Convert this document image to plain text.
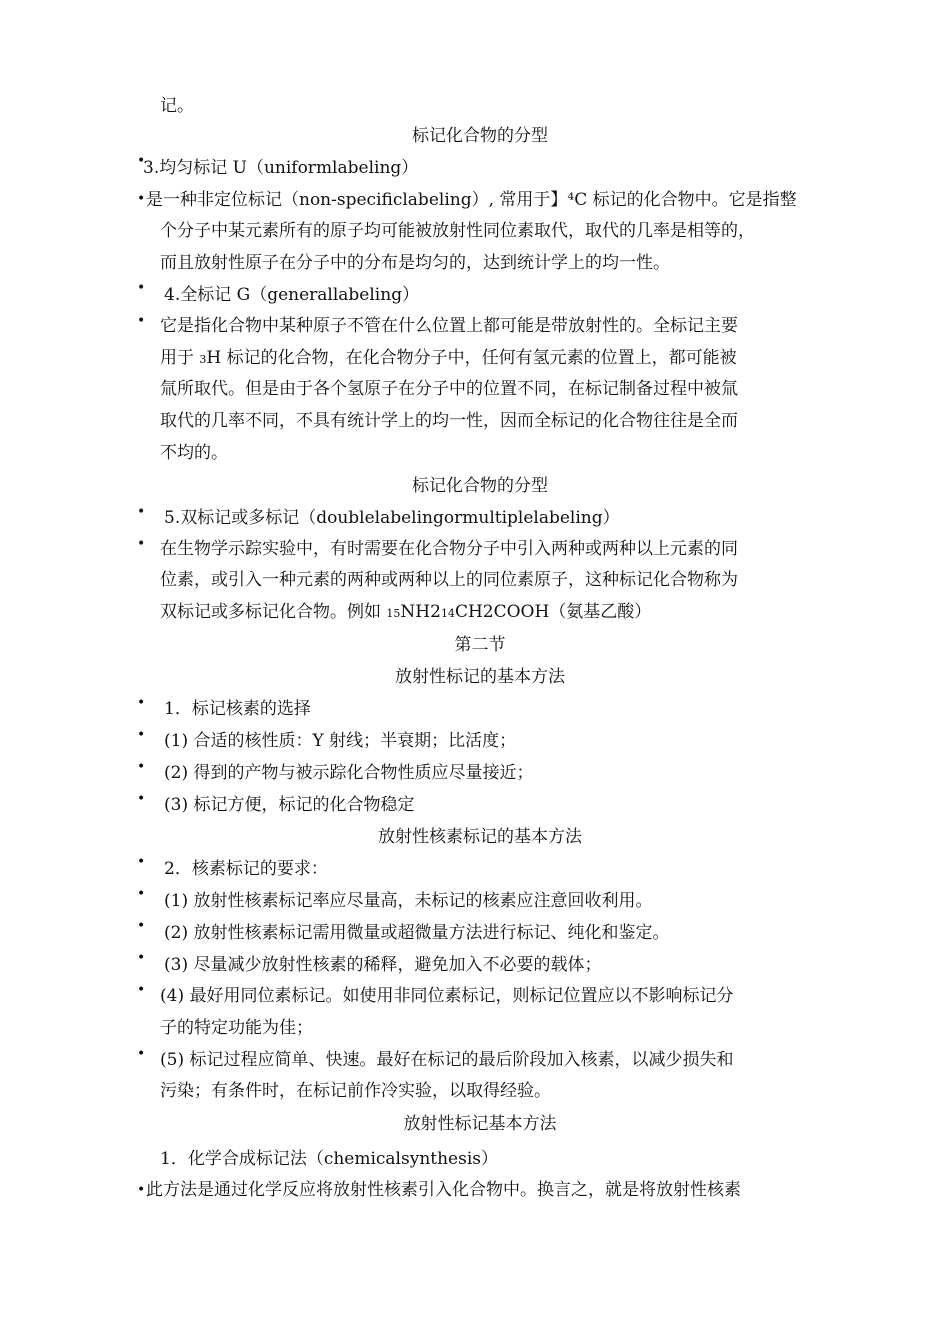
记。
标记化合物的分型
•
3.均匀标记 U（uniformlabeling）
• 是一种非定位标记（non-specificlabeling）, 常用于】⁴C 标记的化合物中。它是指整
个分子中某元素所有的原子均可能被放射性同位素取代，取代的几率是相等的，
而且放射性原子在分子中的分布是均匀的，达到统计学上的均一性。
• 4.全标记 G（generallabeling）
• 它是指化合物中某种原子不管在什么位置上都可能是带放射性的。全标记主要
用于 3H 标记的化合物，在化合物分子中，任何有氢元素的位置上，都可能被
氚所取代。但是由于各个氢原子在分子中的位置不同，在标记制备过程中被氚
取代的几率不同，不具有统计学上的均一性，因而全标记的化合物往往是全而
不均的。
标记化合物的分型
• 5.双标记或多标记（doublelabelingormultiplelabeling）
• 在生物学示踪实验中，有时需要在化合物分子中引入两种或两种以上元素的同
位素，或引入一种元素的两种或两种以上的同位素原子，这种标记化合物称为
双标记或多标记化合物。例如 15NH214CH2COOH（氨基乙酸）
第二节
放射性标记的基本方法
• 1．标记核素的选择
• (1) 合适的核性质：Y 射线；半衰期；比活度；
• (2) 得到的产物与被示踪化合物性质应尽量接近；
• (3) 标记方便，标记的化合物稳定
放射性核素标记的基本方法
• 2．核素标记的要求：
• (1) 放射性核素标记率应尽量高，未标记的核素应注意回收利用。
• (2) 放射性核素标记需用微量或超微量方法进行标记、纯化和鉴定。
• (3) 尽量减少放射性核素的稀释，避免加入不必要的载体；
• (4) 最好用同位素标记。如使用非同位素标记，则标记位置应以不影响标记分
子的特定功能为佳；
• (5) 标记过程应简单、快速。最好在标记的最后阶段加入核素，以减少损失和
污染；有条件时，在标记前作冷实验，以取得经验。
放射性标记基本方法
1．化学合成标记法（chemicalsynthesis）
• 此方法是通过化学反应将放射性核素引入化合物中。换言之，就是将放射性核素
